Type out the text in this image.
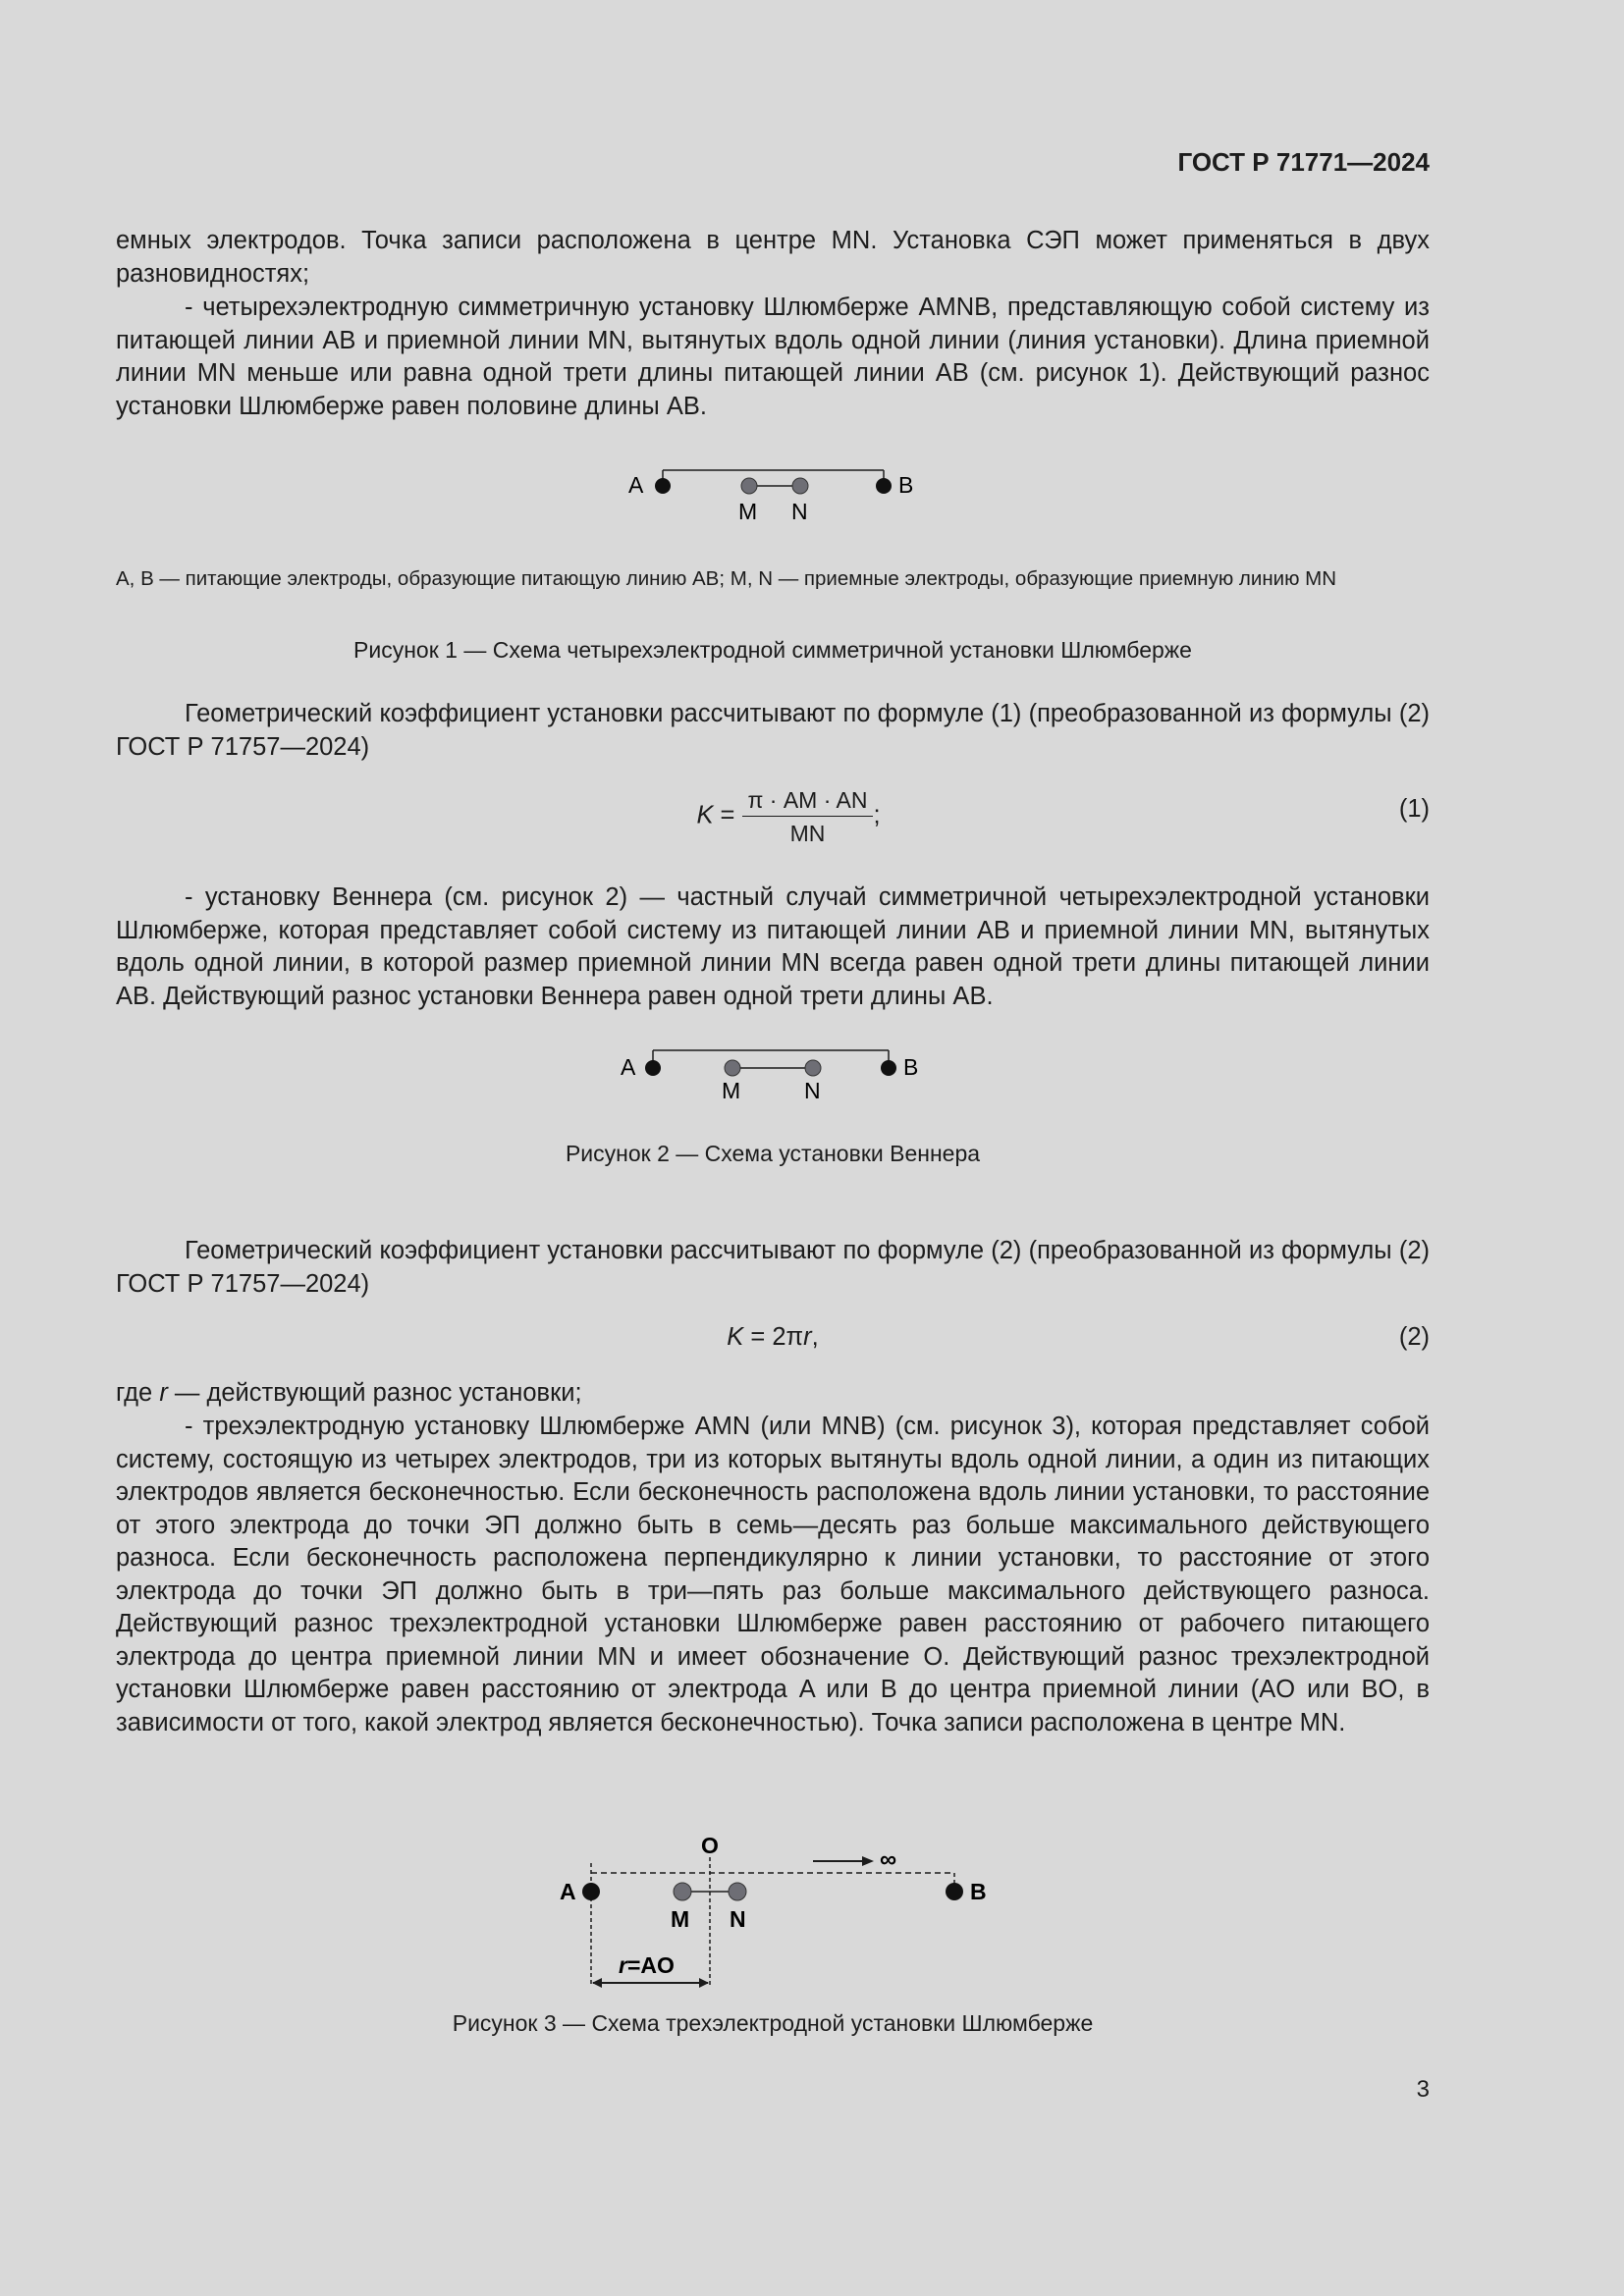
ГОСТ Р 71771—2024

емных электродов. Точка записи расположена в центре MN. Установка СЭП может применяться в двух разновидностях;

- четырехэлектродную симметричную установку Шлюмберже AMNB, представляющую собой систему из питающей линии AB и приемной линии MN, вытянутых вдоль одной линии (линия установки). Длина приемной линии MN меньше или равна одной трети длины питающей линии AB (см. рисунок 1). Действующий разнос установки Шлюмберже равен половине длины AB.

A	B
M N

A, B — питающие электроды, образующие питающую линию AB; M, N — приемные электроды, образующие приемную линию MN

Рисунок 1 — Схема четырехэлектродной симметричной установки Шлюмберже

Геометрический коэффициент установки рассчитывают по формуле (1) (преобразованной из формулы (2) ГОСТ Р 71757—2024)

$K = \frac{\pi \cdot AM \cdot AN}{MN}$ ;	(1)

- установку Веннера (см. рисунок 2) — частный случай симметричной четырехэлектродной установки Шлюмберже, которая представляет собой систему из питающей линии AB и приемной линии MN, вытянутых вдоль одной линии, в которой размер приемной линии MN всегда равен одной трети длины питающей линии AB. Действующий разнос установки Веннера равен одной трети длины AB.

A	B
M	N

Рисунок 2 — Схема установки Веннера

Геометрический коэффициент установки рассчитывают по формуле (2) (преобразованной из формулы (2) ГОСТ Р 71757—2024)

K = 2πr,	(2)

где r — действующий разнос установки;

- трехэлектродную установку Шлюмберже AMN (или MNB) (см. рисунок 3), которая представляет собой систему, состоящую из четырех электродов, три из которых вытянуты вдоль одной линии, а один из питающих электродов является бесконечностью. Если бесконечность расположена вдоль линии установки, то расстояние от этого электрода до точки ЭП должно быть в семь—десять раз больше максимального действующего разноса. Если бесконечность расположена перпендикулярно к линии установки, то расстояние от этого электрода до точки ЭП должно быть в три—пять раз больше максимального действующего разноса. Действующий разнос трехэлектродной установки Шлюмберже равен расстоянию от рабочего питающего электрода до центра приемной линии MN и имеет обозначение O. Действующий разнос трехэлектродной установки Шлюмберже равен расстоянию от электрода A или B до центра приемной линии (AO или BO, в зависимости от того, какой электрод является бесконечностью). Точка записи расположена в центре MN.

∞
O
A	B
M N
r=AO

Рисунок 3 — Схема трехэлектродной установки Шлюмберже

3
